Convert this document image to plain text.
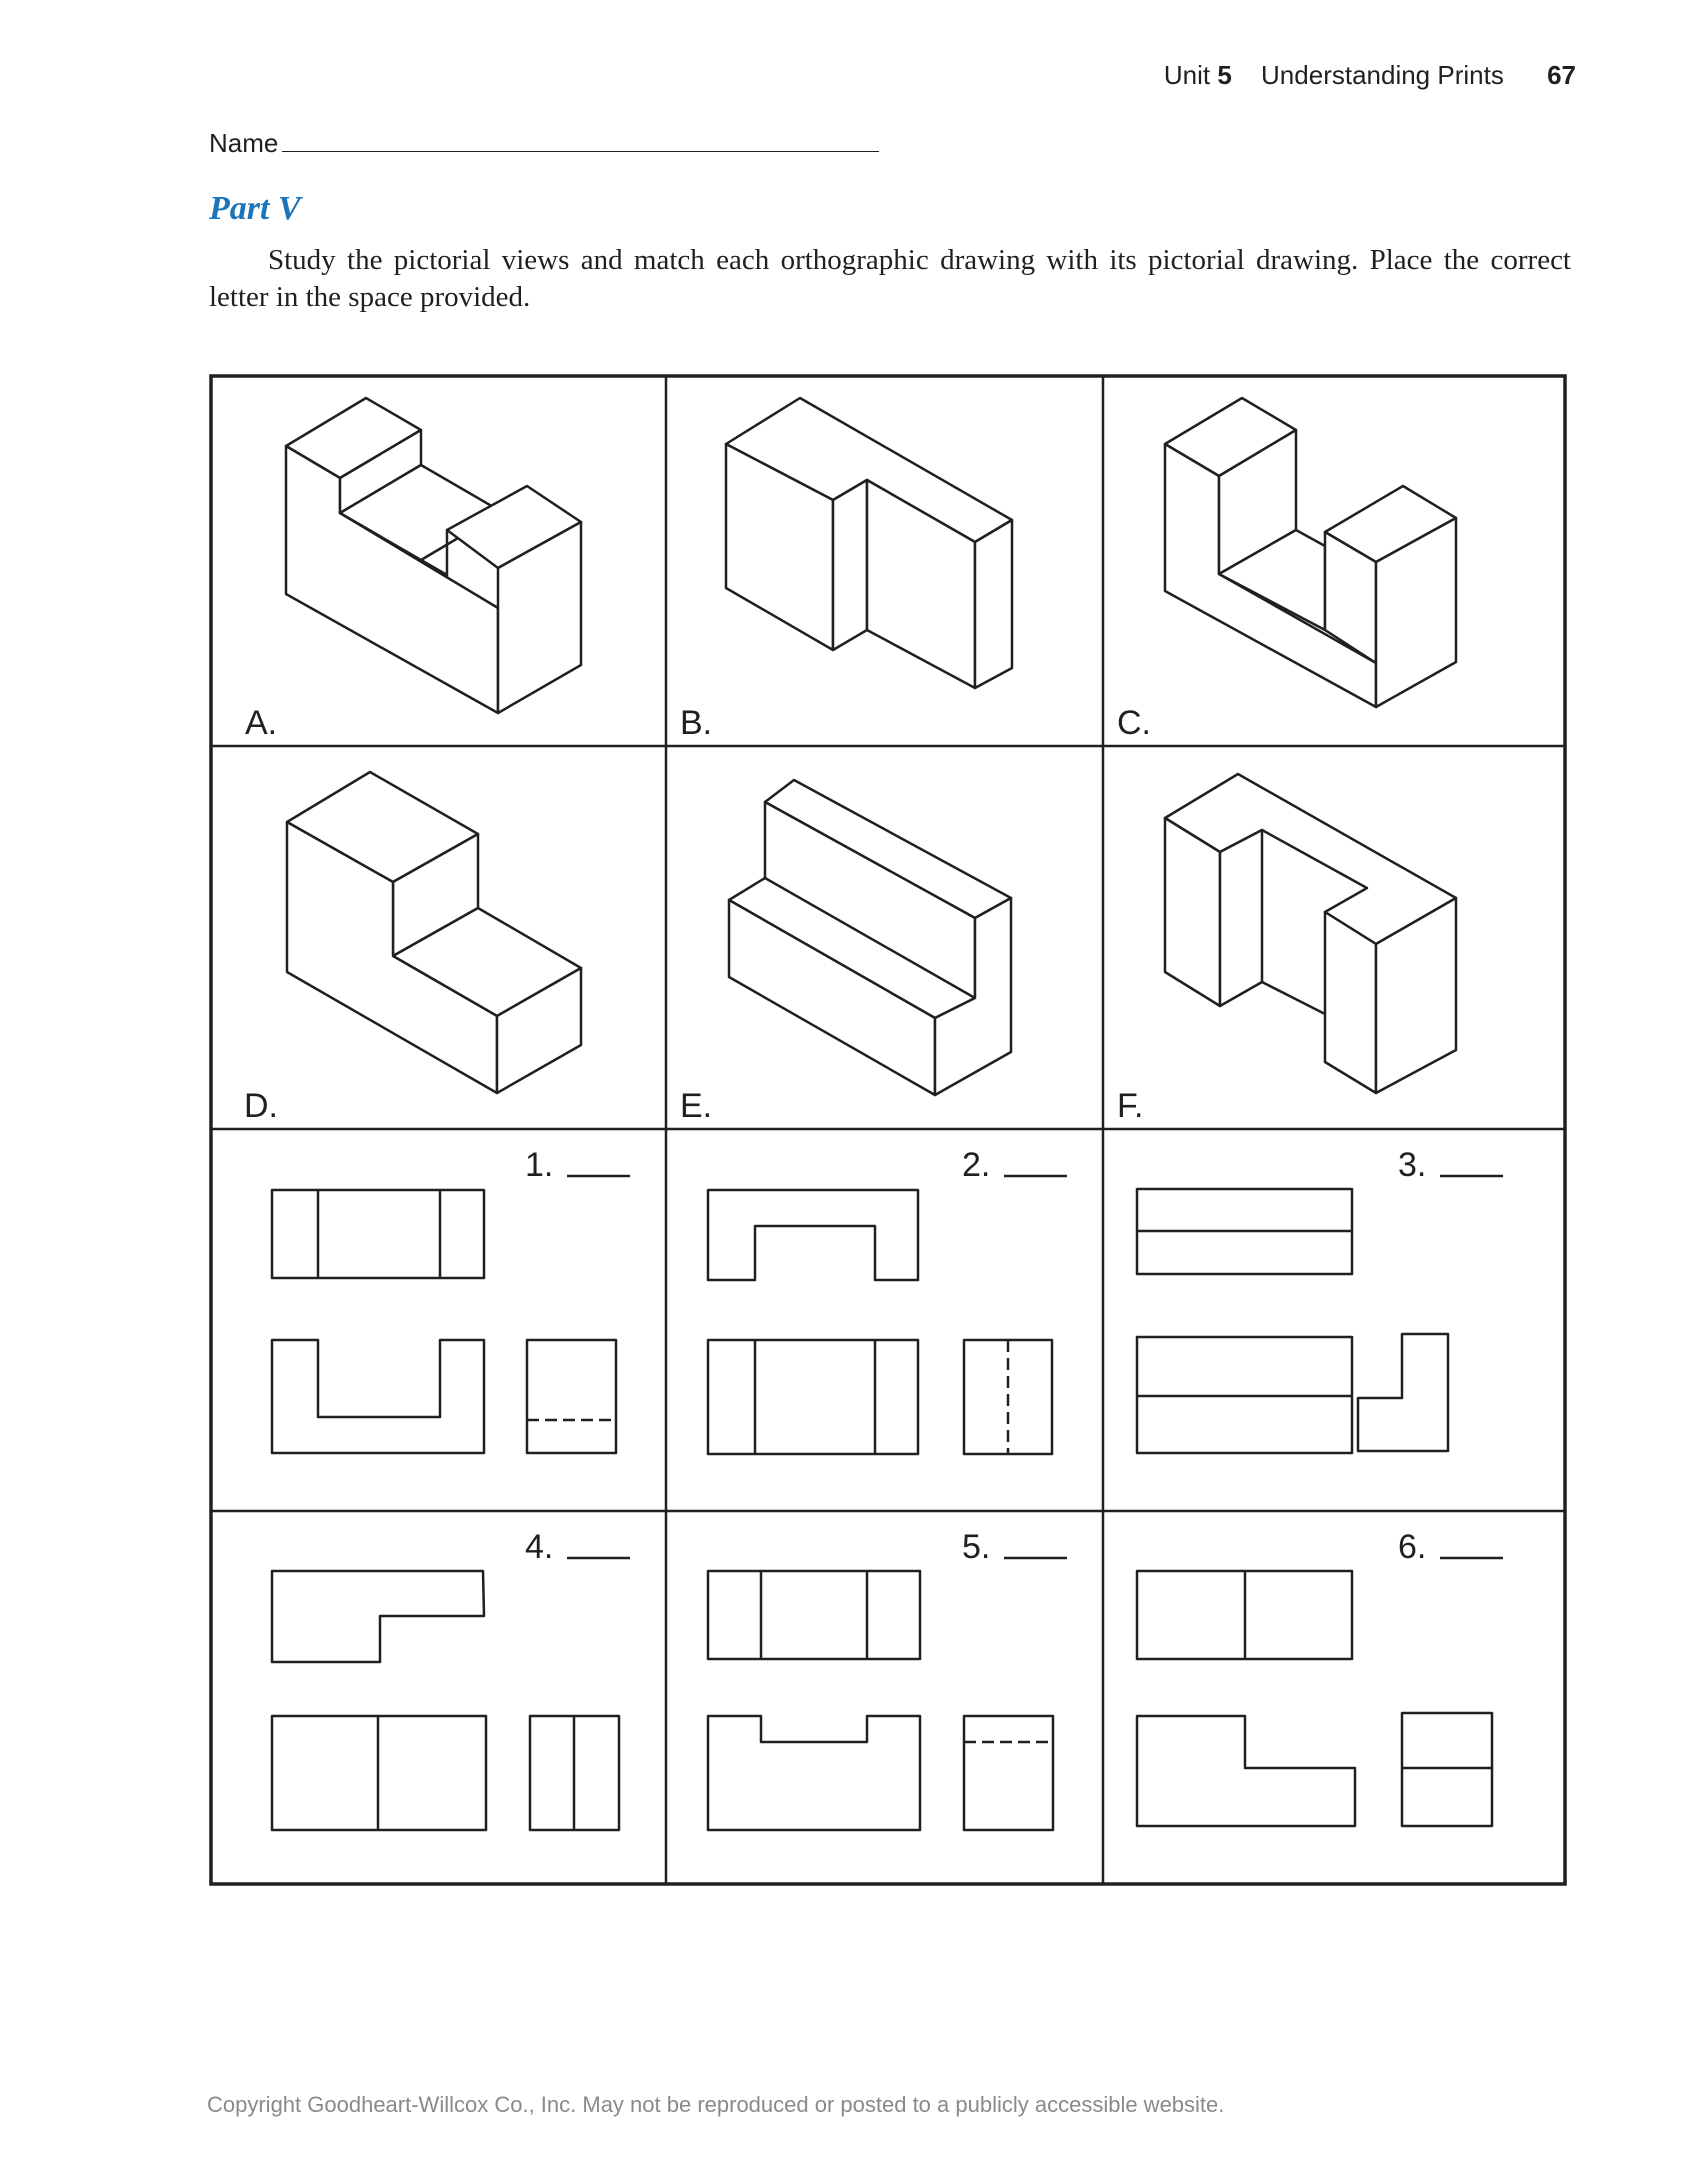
Unit 5 Understanding Prints 67
Name
Part V
Study the pictorial views and match each orthographic drawing with its pictorial drawing. Place the correct letter in the space provided.
A.	B.	C.
D.	E.	F.
1.	2.	3.
4.	5.	6.
Copyright Goodheart-Willcox Co., Inc. May not be reproduced or posted to a publicly accessible website.
